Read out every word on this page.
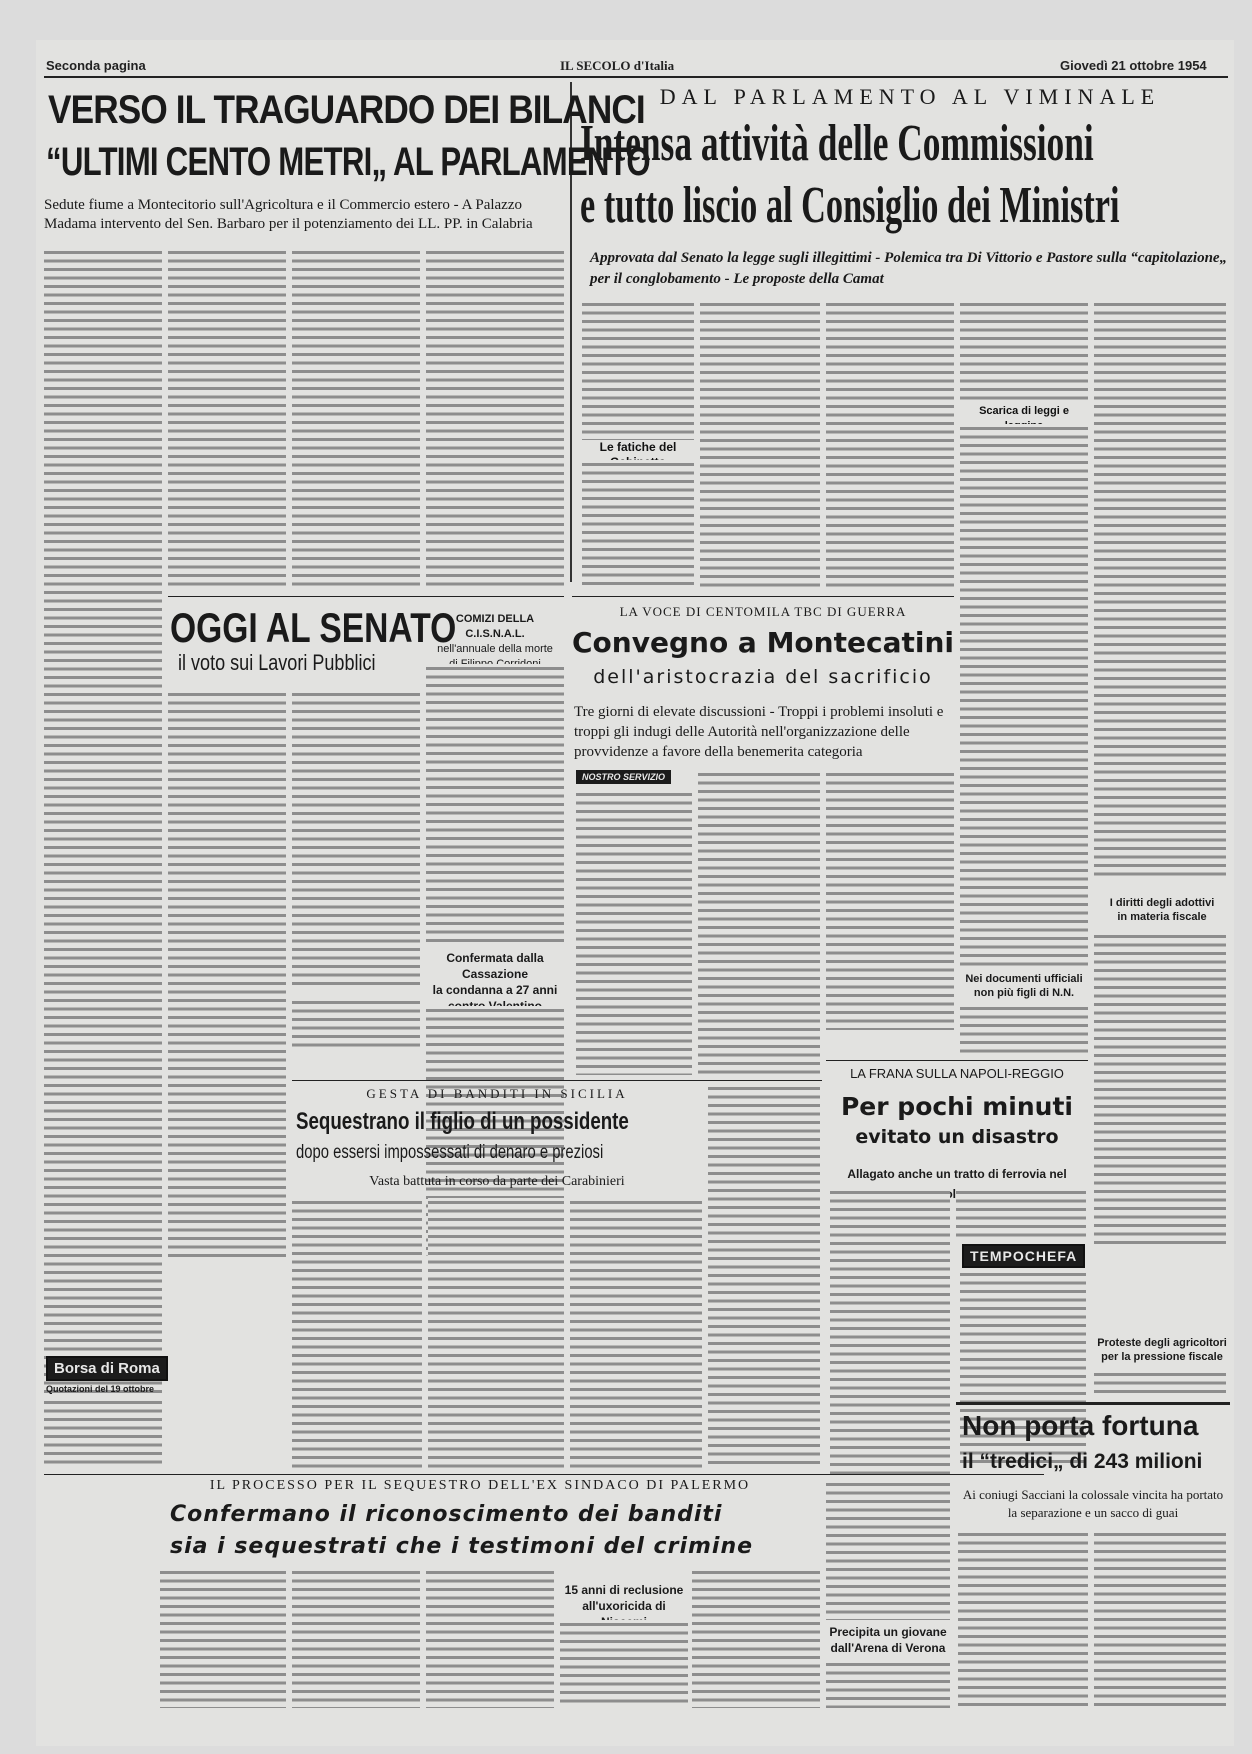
Seconda pagina	IL SECOLO d'Italia	Giovedì 21 ottobre 1954
VERSO IL TRAGUARDO DEI BILANCI
“ULTIMI CENTO METRI„ AL PARLAMENTO
Sedute fiume a Montecitorio sull'Agricoltura e il Commercio estero - A Palazzo Madama intervento del Sen. Barbaro per il potenziamento dei LL. PP. in Calabria
DAL PARLAMENTO AL VIMINALE
Intensa attività delle Commissioni
e tutto liscio al Consiglio dei Ministri
Approvata dal Senato la legge sugli illegittimi - Polemica tra Di Vittorio e Pastore sulla “capitolazione„ per il conglobamento - Le proposte della Camat
Le fatiche del
Scarica di leggi e
OGGI AL SENATO
il voto sui Lavori Pubblici
COMIZI DELLA C.I.S.N.A.L.
nell'annuale della morte
Confermata dalla Cassazione
la condanna a 27 anni
LA VOCE DI CENTOMILA TBC DI GUERRA
Convegno a Montecatini
dell'aristocrazia del sacrificio
Tre giorni di elevate discussioni - Troppi i problemi insoluti e troppi gli indugi delle Autorità nell'organizzazione delle provvidenze a favore della benemerita categoria
NOSTRO SERVIZIO
I diritti degli adottivi
in materia fiscale
Nei documenti ufficiali
non più figli di N.N.
GESTA DI BANDITI IN SICILIA
Sequestrano il figlio di un possidente
dopo essersi impossessati di denaro e preziosi
Vasta battuta in corso da parte dei Carabinieri
LA FRANA SULLA NAPOLI-REGGIO
Per pochi minuti
evitato un disastro
Allagato anche un tratto di ferrovia nel
TEMPOCHEFA
Borsa di Roma
Quotazioni del 19 ottobre
Proteste degli agricoltori
per la pressione fiscale
IL PROCESSO PER IL SEQUESTRO DELL'EX SINDACO DI PALERMO
Confermano il riconoscimento dei banditi
sia i sequestrati che i testimoni del crimine
15 anni di reclusione
all'uxoricida di
Precipita un giovane
dall'Arena di Verona
Non porta fortuna
il “tredici„ di 243 milioni
Ai coniugi Sacciani la colossale vincita ha portato la separazione e un sacco di guai
